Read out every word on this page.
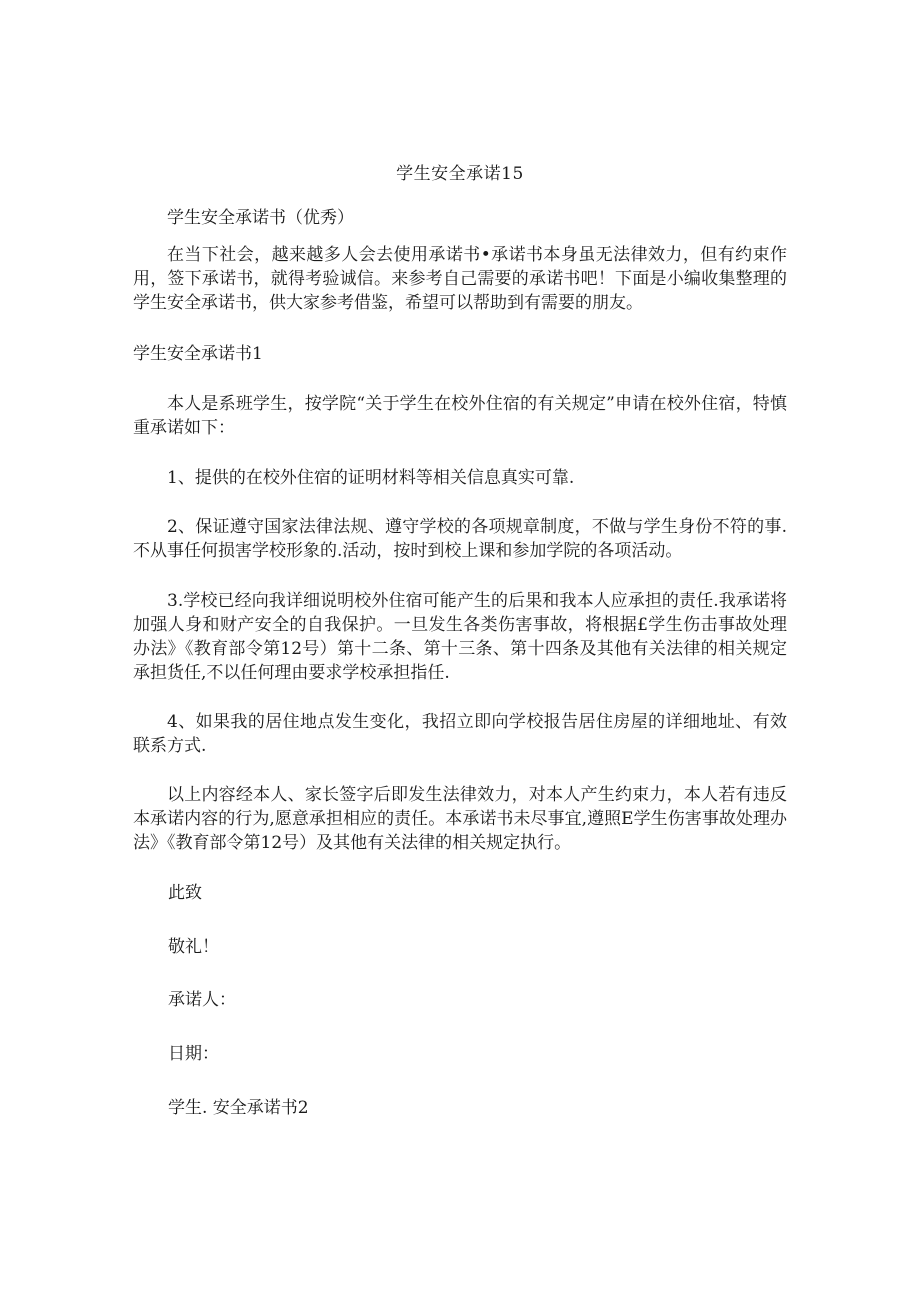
学生安全承诺15

学生安全承诺书（优秀）

在当下社会，越来越多人会去使用承诺书•承诺书本身虽无法律效力，但有约束作用，签下承诺书，就得考验诚信。来参考自己需要的承诺书吧！下面是小编收集整理的学生安全承诺书，供大家参考借鉴，希望可以帮助到有需要的朋友。

学生安全承诺书1

本人是系班学生，按学院“关于学生在校外住宿的有关规定”申请在校外住宿，特慎重承诺如下：

1、提供的在校外住宿的证明材料等相关信息真实可靠.

2、保证遵守国家法律法规、遵守学校的各项规章制度，不做与学生身份不符的事.不从事任何损害学校形象的.活动，按时到校上课和参加学院的各项活动。

3.学校已经向我详细说明校外住宿可能产生的后果和我本人应承担的责任.我承诺将加强人身和财产安全的自我保护。一旦发生各类伤害事故，将根据£学生伤击事故处理办法》《教育部令第12号）第十二条、第十三条、第十四条及其他有关法律的相关规定承担货任,不以任何理由要求学校承担指任.

4、如果我的居住地点发生变化，我招立即向学校报告居住房屋的详细地址、有效联系方式.

以上内容经本人、家长签字后即发生法律效力，对本人产生约束力，本人若有违反本承诺内容的行为,愿意承担相应的责任。本承诺书未尽事宜,遵照E学生伤害事故处理办法》《教育部令第12号）及其他有关法律的相关规定执行。

此致
敬礼！
承诺人：
日期：
学生. 安全承诺书2
